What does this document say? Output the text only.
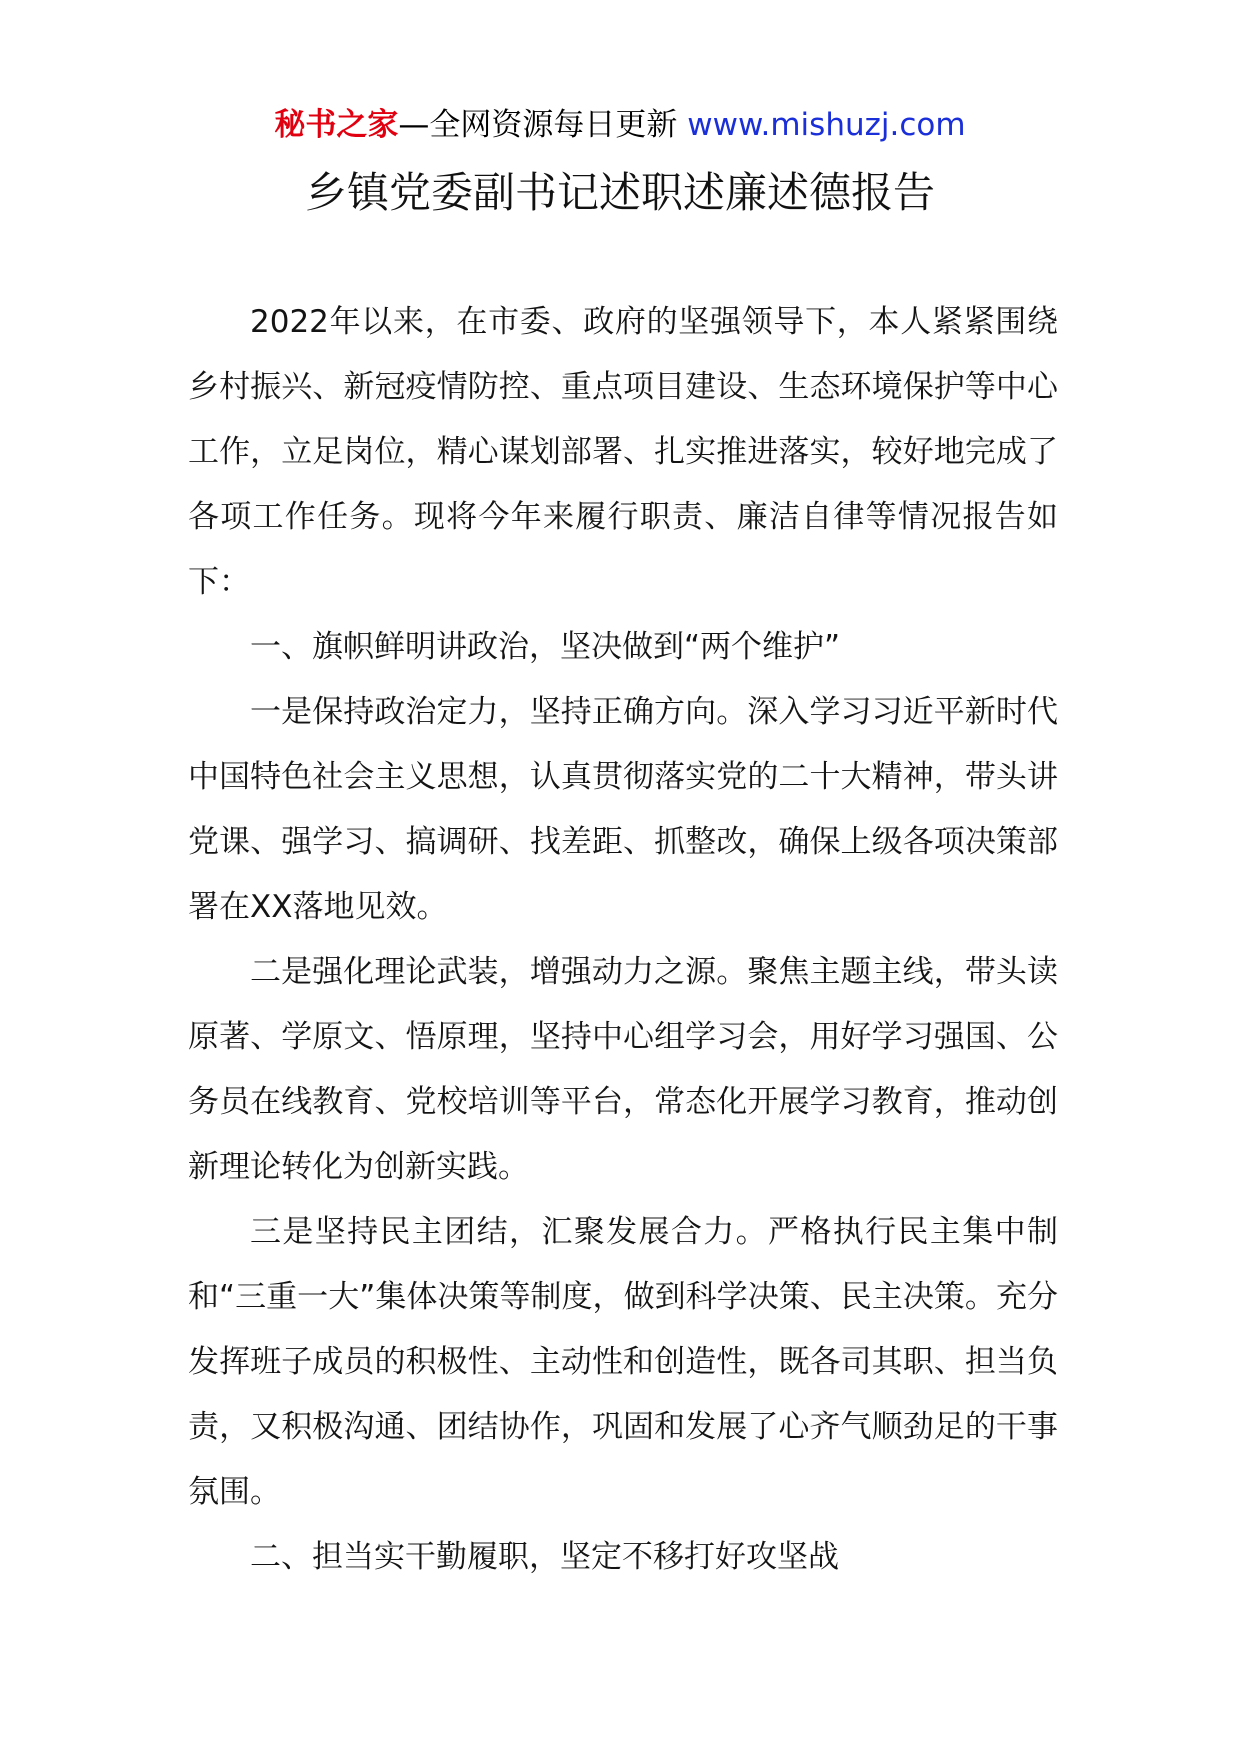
秘书之家—全网资源每日更新 www.mishuzj.com
乡镇党委副书记述职述廉述德报告

2022年以来，在市委、政府的坚强领导下，本人紧紧围绕乡村振兴、新冠疫情防控、重点项目建设、生态环境保护等中心工作，立足岗位，精心谋划部署、扎实推进落实，较好地完成了各项工作任务。现将今年来履行职责、廉洁自律等情况报告如下：

一、旗帜鲜明讲政治，坚决做到“两个维护”

一是保持政治定力，坚持正确方向。深入学习习近平新时代中国特色社会主义思想，认真贯彻落实党的二十大精神，带头讲党课、强学习、搞调研、找差距、抓整改，确保上级各项决策部署在XX落地见效。

二是强化理论武装，增强动力之源。聚焦主题主线，带头读原著、学原文、悟原理，坚持中心组学习会，用好学习强国、公务员在线教育、党校培训等平台，常态化开展学习教育，推动创新理论转化为创新实践。

三是坚持民主团结，汇聚发展合力。严格执行民主集中制和“三重一大”集体决策等制度，做到科学决策、民主决策。充分发挥班子成员的积极性、主动性和创造性，既各司其职、担当负责，又积极沟通、团结协作，巩固和发展了心齐气顺劲足的干事氛围。

二、担当实干勤履职，坚定不移打好攻坚战
